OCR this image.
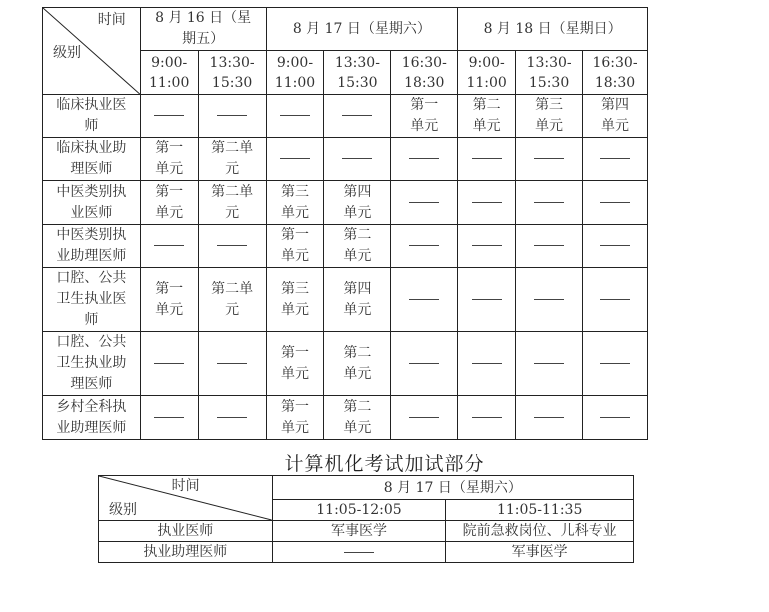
时间
级别	8 月 16 日（星期五）		8 月 17 日（星期六）			8 月 18 日（星期日）		
	9:00-11:00	13:30-15:30	9:00-11:00	13:30-15:30	16:30-18:30	9:00-11:00	13:30-15:30	16:30-18:30
临床执业医师					第一单元	第二单元	第三单元	第四单元
临床执业助理医师	第一单元	第二单元						
中医类别执业医师	第一单元	第二单元	第三单元	第四单元				
中医类别执业助理医师			第一单元	第二单元				
口腔、公共卫生执业医师	第一单元	第二单元	第三单元	第四单元				
口腔、公共卫生执业助理医师			第一单元	第二单元				
乡村全科执业助理医师			第一单元	第二单元				
计算机化考试加试部分
时间
级别	8 月 17 日（星期六）	
	11:05-12:05	11:05-11:35
执业医师	军事医学	院前急救岗位、儿科专业
执业助理医师		军事医学
